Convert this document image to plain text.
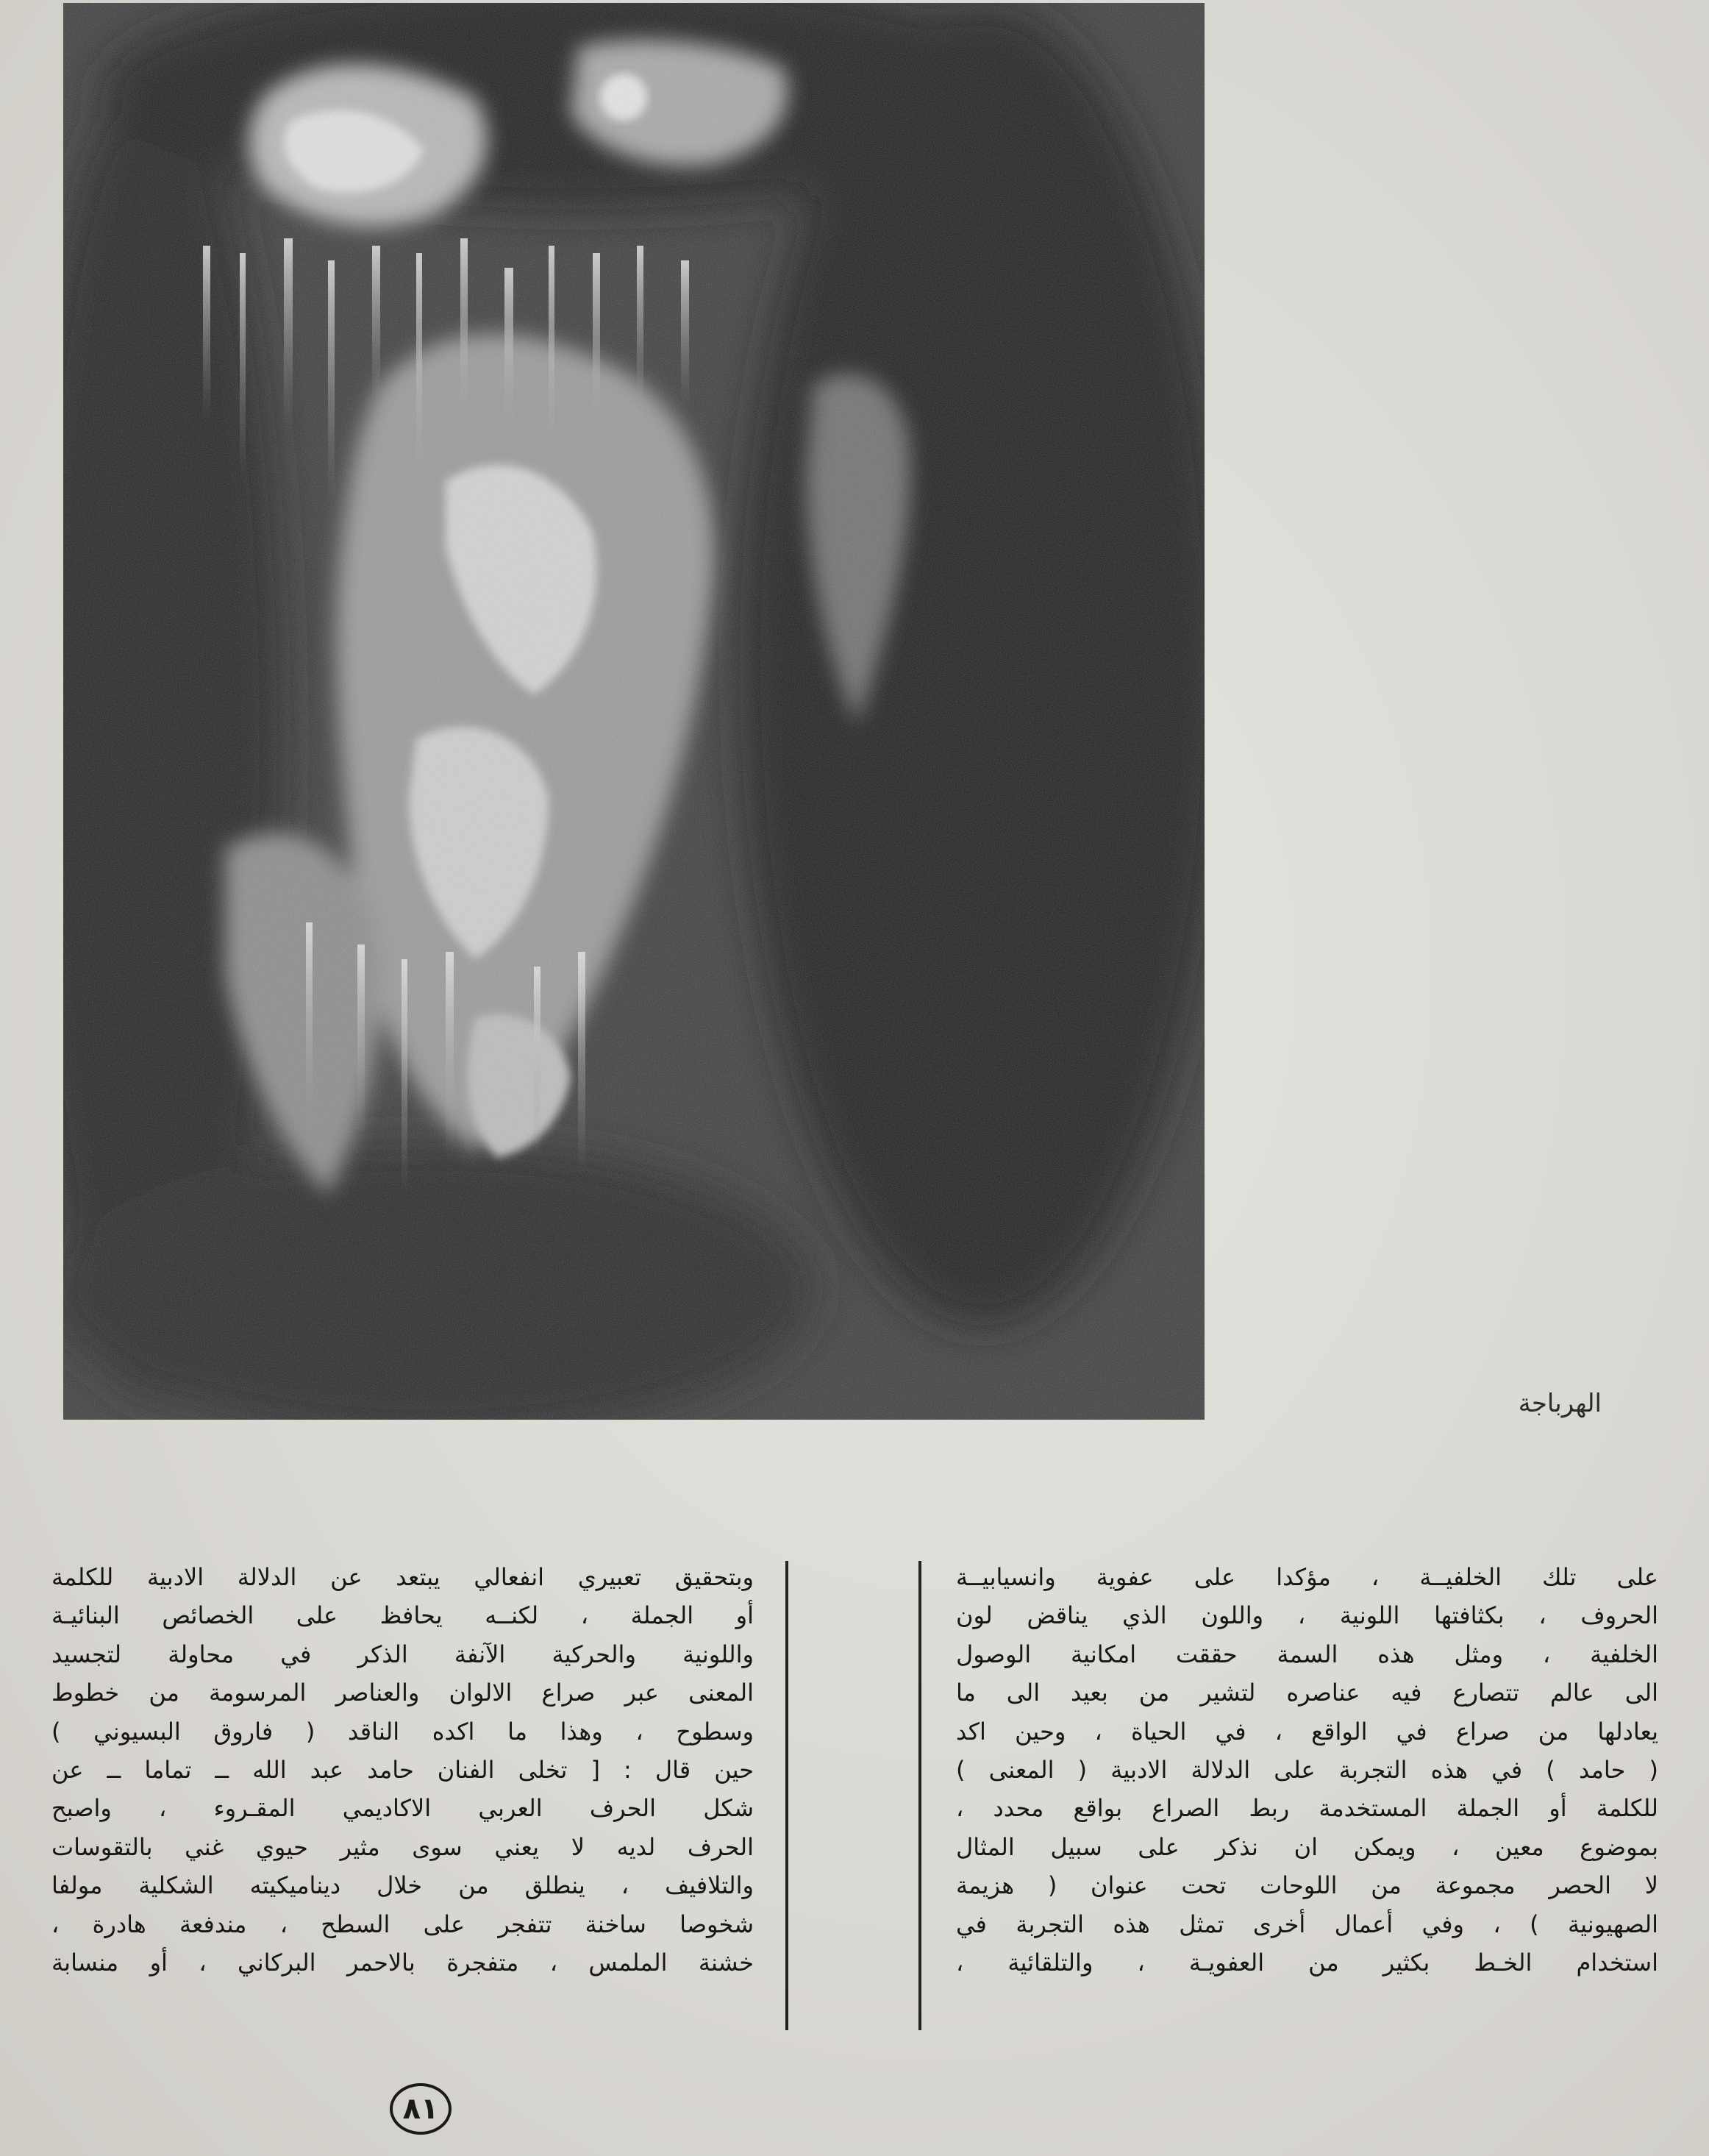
الهرباجة
على تلك الخلفيــة ، مؤكدا على عفوية وانسيابيــة
الحروف ، بكثافتها اللونية ، واللون الذي يناقض لون
الخلفية ، ومثل هذه السمة حققت امكانية الوصول
الى عالم تتصارع فيه عناصره لتشير من بعيد الى ما
يعادلها من صراع في الواقع ، في الحياة ، وحين اكد
( حامد ) في هذه التجربة على الدلالة الادبية ( المعنى )
للكلمة أو الجملة المستخدمة ربط الصراع بواقع محدد ،
بموضوع معين ، ويمكن ان نذكر على سبيل المثال
لا الحصر مجموعة من اللوحات تحت عنوان ( هزيمة
الصهيونية ) ، وفي أعمال أخرى تمثل هذه التجربة في
استخدام الخـط بكثير من العفويـة ، والتلقائية ،
وبتحقيق تعبيري انفعالي يبتعد عن الدلالة الادبية للكلمة
أو الجملة ، لكنــه يحافظ على الخصائص البنائيـة
واللونية والحركية الآنفة الذكر في محاولة لتجسيد
المعنى عبر صراع الالوان والعناصر المرسومة من خطوط
وسطوح ، وهذا ما اكده الناقد ( فاروق البسيوني )
حين قال : [ تخلى الفنان حامد عبد الله ــ تماما ــ عن
شكل الحرف العربي الاكاديمي المقـروء ، واصبح
الحرف لديه لا يعني سوى مثير حيوي غني بالتقوسات
والتلافيف ، ينطلق من خلال ديناميكيته الشكلية مولفا
شخوصا ساخنة تتفجر على السطح ، مندفعة هادرة ،
خشنة الملمس ، متفجرة بالاحمر البركاني ، أو منسابة
٨١
